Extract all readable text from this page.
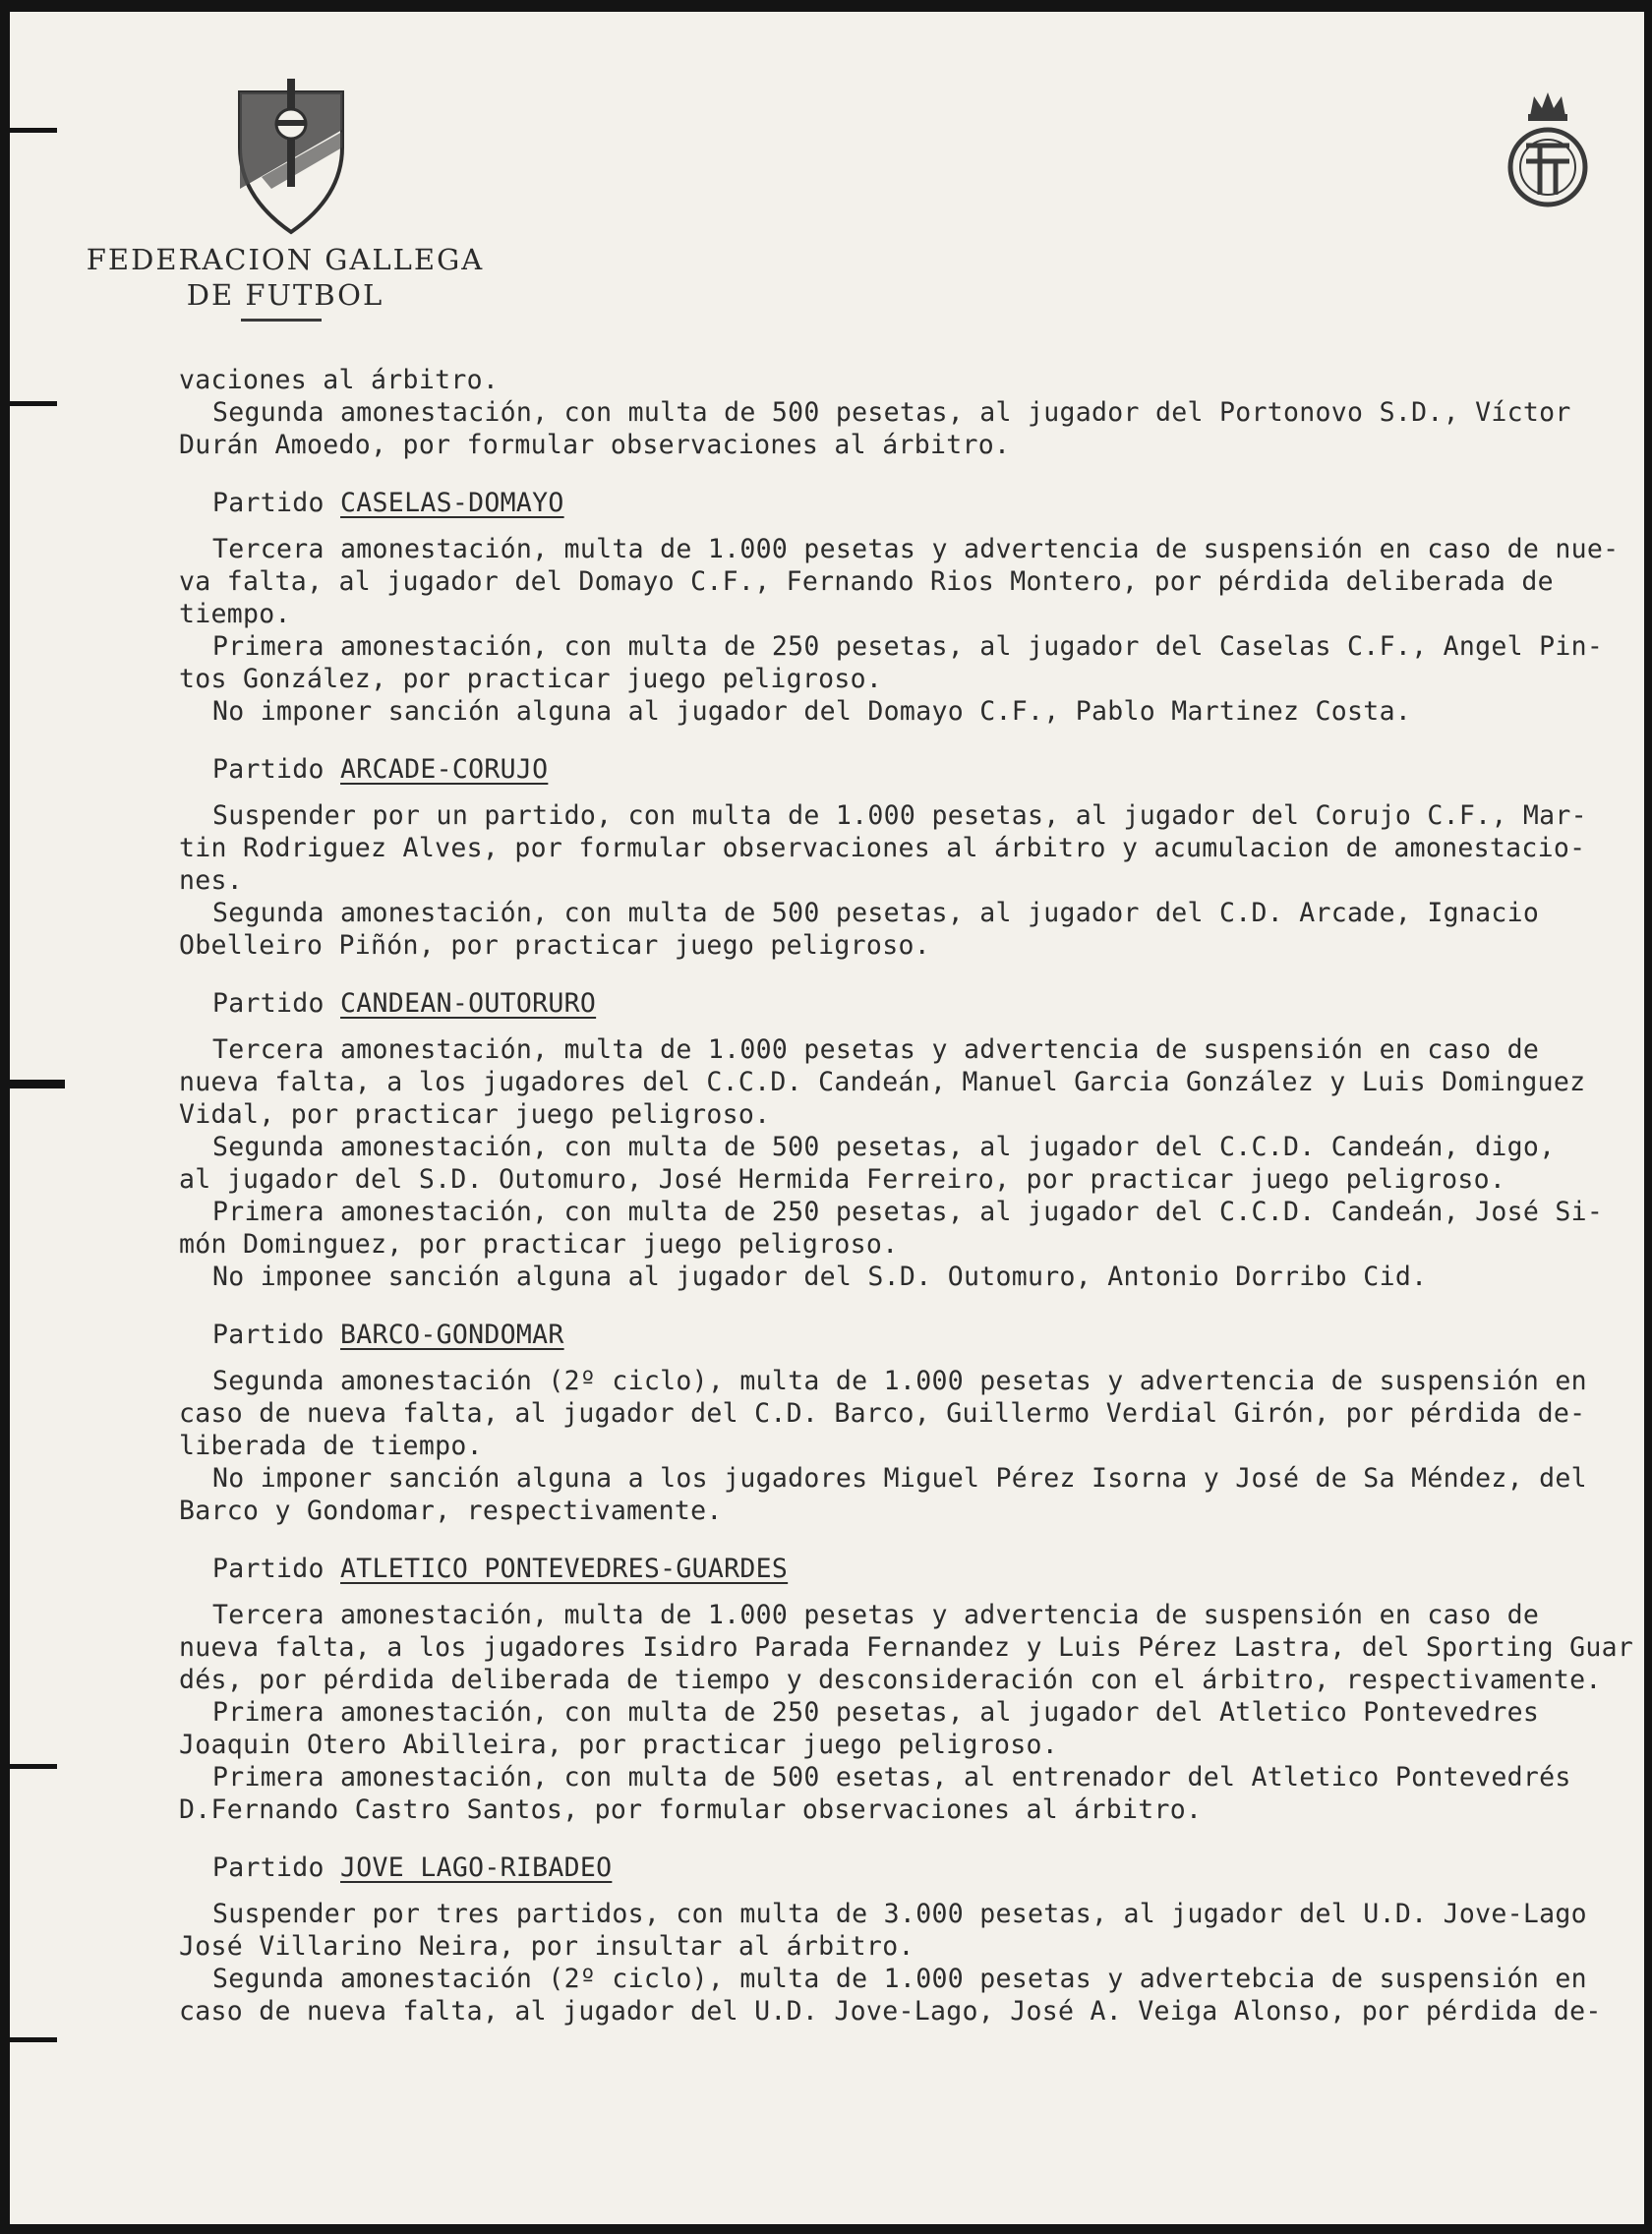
FEDERACION GALLEGA
DE FUTBOL

vaciones al árbitro.

Segunda amonestación, con multa de 500 pesetas, al jugador del Portonovo S.D., Víctor

Durán Amoedo, por formular observaciones al árbitro.

Partido CASELAS-DOMAYO

Tercera amonestación, multa de 1.000 pesetas y advertencia de suspensión en caso de nue-

va falta, al jugador del Domayo C.F., Fernando Rios Montero, por pérdida deliberada de

tiempo.

Primera amonestación, con multa de 250 pesetas, al jugador del Caselas C.F., Angel Pin-

tos González, por practicar juego peligroso.

No imponer sanción alguna al jugador del Domayo C.F., Pablo Martinez Costa.

Partido ARCADE-CORUJO

Suspender por un partido, con multa de 1.000 pesetas, al jugador del Corujo C.F., Mar-

tin Rodriguez Alves, por formular observaciones al árbitro y acumulacion de amonestacio-

nes.

Segunda amonestación, con multa de 500 pesetas, al jugador del C.D. Arcade, Ignacio

Obelleiro Piñón, por practicar juego peligroso.

Partido CANDEAN-OUTORURO

Tercera amonestación, multa de 1.000 pesetas y advertencia de suspensión en caso de

nueva falta, a los jugadores del C.C.D. Candeán, Manuel Garcia González y Luis Dominguez

Vidal, por practicar juego peligroso.

Segunda amonestación, con multa de 500 pesetas, al jugador del C.C.D. Candeán, digo,

al jugador del S.D. Outomuro, José Hermida Ferreiro, por practicar juego peligroso.

Primera amonestación, con multa de 250 pesetas, al jugador del C.C.D. Candeán, José Si-

món Dominguez, por practicar juego peligroso.

No imponee sanción alguna al jugador del S.D. Outomuro, Antonio Dorribo Cid.

Partido BARCO-GONDOMAR

Segunda amonestación (2º ciclo), multa de 1.000 pesetas y advertencia de suspensión en

caso de nueva falta, al jugador del C.D. Barco, Guillermo Verdial Girón, por pérdida de-

liberada de tiempo.

No imponer sanción alguna a los jugadores Miguel Pérez Isorna y José de Sa Méndez, del

Barco y Gondomar, respectivamente.

Partido ATLETICO PONTEVEDRES-GUARDES

Tercera amonestación, multa de 1.000 pesetas y advertencia de suspensión en caso de

nueva falta, a los jugadores Isidro Parada Fernandez y Luis Pérez Lastra, del Sporting Guar

dés, por pérdida deliberada de tiempo y desconsideración con el árbitro, respectivamente.

Primera amonestación, con multa de 250 pesetas, al jugador del Atletico Pontevedres

Joaquin Otero Abilleira, por practicar juego peligroso.

Primera amonestación, con multa de 500 esetas, al entrenador del Atletico Pontevedrés

D.Fernando Castro Santos, por formular observaciones al árbitro.

Partido JOVE LAGO-RIBADEO

Suspender por tres partidos, con multa de 3.000 pesetas, al jugador del U.D. Jove-Lago

José Villarino Neira, por insultar al árbitro.

Segunda amonestación (2º ciclo), multa de 1.000 pesetas y advertebcia de suspensión en

caso de nueva falta, al jugador del U.D. Jove-Lago, José A. Veiga Alonso, por pérdida de-
